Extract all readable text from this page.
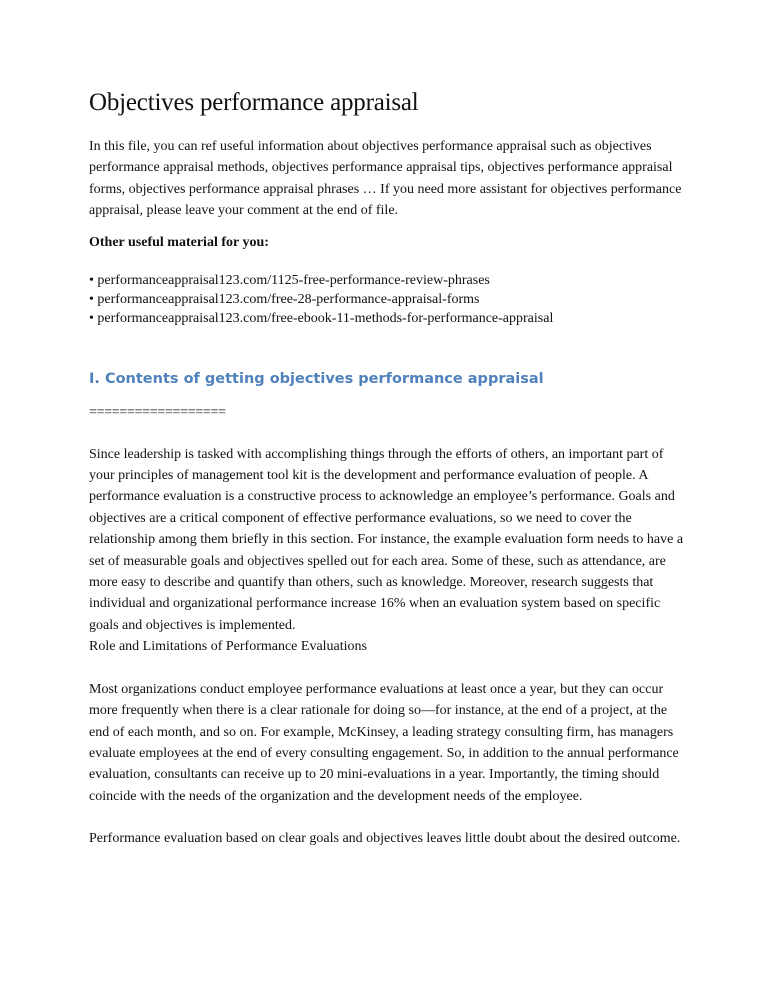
Objectives performance appraisal

In this file, you can ref useful information about objectives performance appraisal such as objectives performance appraisal methods, objectives performance appraisal tips, objectives performance appraisal forms, objectives performance appraisal phrases … If you need more assistant for objectives performance appraisal, please leave your comment at the end of file.

Other useful material for you:

• performanceappraisal123.com/1125-free-performance-review-phrases
• performanceappraisal123.com/free-28-performance-appraisal-forms
• performanceappraisal123.com/free-ebook-11-methods-for-performance-appraisal
I. Contents of getting objectives performance appraisal
==================

Since leadership is tasked with accomplishing things through the efforts of others, an important part of your principles of management tool kit is the development and performance evaluation of people. A performance evaluation is a constructive process to acknowledge an employee’s performance. Goals and objectives are a critical component of effective performance evaluations, so we need to cover the relationship among them briefly in this section. For instance, the example evaluation form needs to have a set of measurable goals and objectives spelled out for each area. Some of these, such as attendance, are more easy to describe and quantify than others, such as knowledge. Moreover, research suggests that individual and organizational performance increase 16% when an evaluation system based on specific goals and objectives is implemented.

Role and Limitations of Performance Evaluations

Most organizations conduct employee performance evaluations at least once a year, but they can occur more frequently when there is a clear rationale for doing so—for instance, at the end of a project, at the end of each month, and so on. For example, McKinsey, a leading strategy consulting firm, has managers evaluate employees at the end of every consulting engagement. So, in addition to the annual performance evaluation, consultants can receive up to 20 mini-evaluations in a year. Importantly, the timing should coincide with the needs of the organization and the development needs of the employee.

Performance evaluation based on clear goals and objectives leaves little doubt about the desired outcome.
